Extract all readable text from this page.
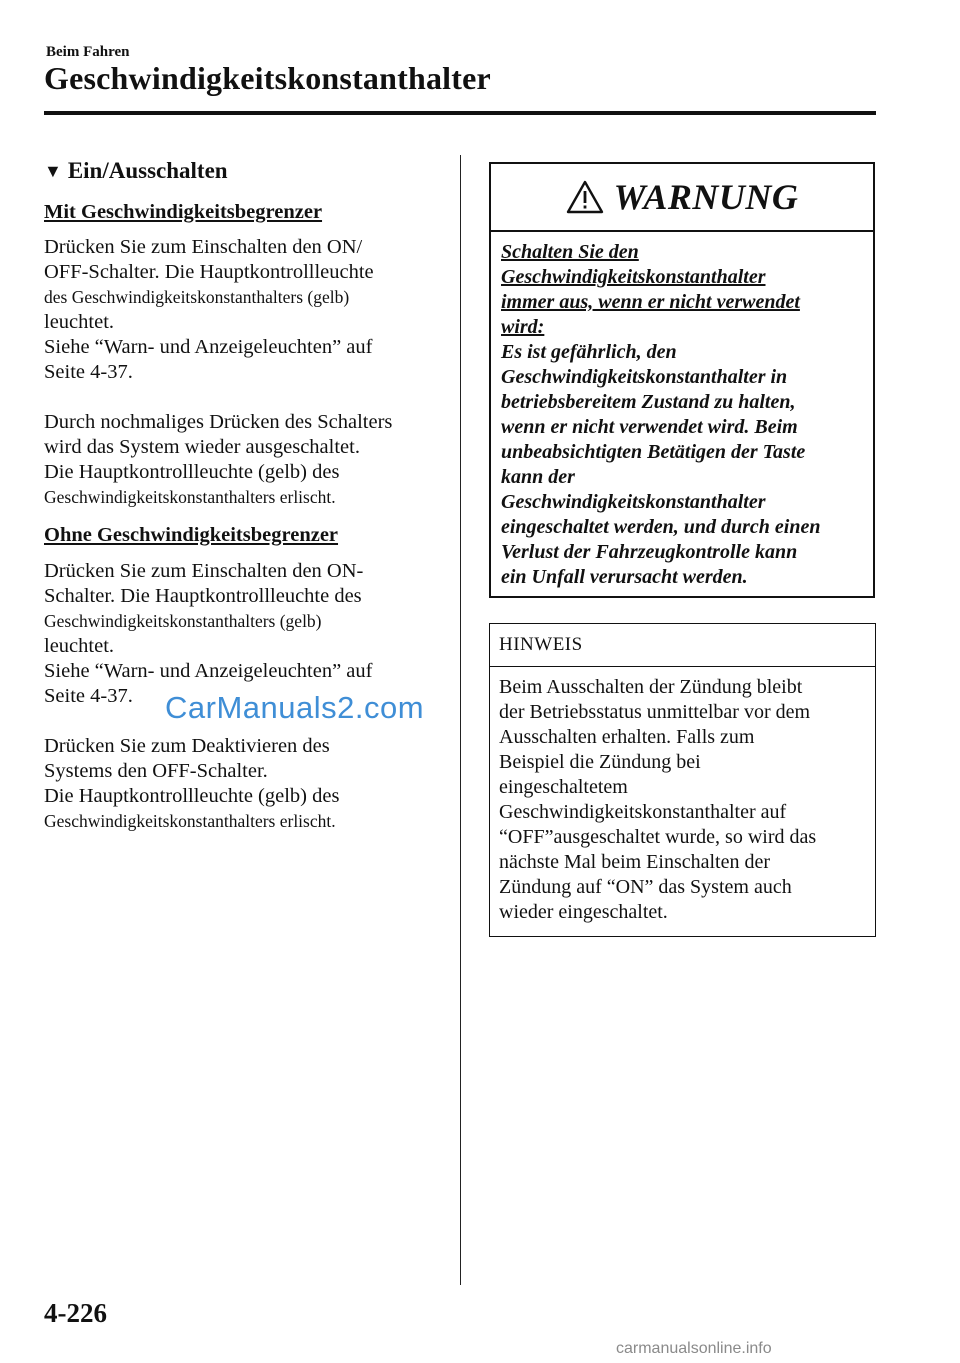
Beim Fahren
Geschwindigkeitskonstanthalter
▼ Ein/Ausschalten
Mit Geschwindigkeitsbegrenzer

Drücken Sie zum Einschalten den ON/

OFF-Schalter. Die Hauptkontrollleuchte

des Geschwindigkeitskonstanthalters (gelb)

leuchtet.

Siehe “Warn- und Anzeigeleuchten” auf

Seite 4-37.

Durch nochmaliges Drücken des Schalters

wird das System wieder ausgeschaltet.

Die Hauptkontrollleuchte (gelb) des

Geschwindigkeitskonstanthalters erlischt.

Ohne Geschwindigkeitsbegrenzer

Drücken Sie zum Einschalten den ON-

Schalter. Die Hauptkontrollleuchte des

Geschwindigkeitskonstanthalters (gelb)

leuchtet.

Siehe “Warn- und Anzeigeleuchten” auf

Seite 4-37.

Drücken Sie zum Deaktivieren des

Systems den OFF-Schalter.

Die Hauptkontrollleuchte (gelb) des

Geschwindigkeitskonstanthalters erlischt.

CarManuals2.com
WARNUNG
Schalten Sie den
Geschwindigkeitskonstanthalter
immer aus, wenn er nicht verwendet
wird:
Es ist gefährlich, den
Geschwindigkeitskonstanthalter in
betriebsbereitem Zustand zu halten,
wenn er nicht verwendet wird. Beim
unbeabsichtigten Betätigen der Taste
kann der
Geschwindigkeitskonstanthalter
eingeschaltet werden, und durch einen
Verlust der Fahrzeugkontrolle kann
ein Unfall verursacht werden.
HINWEIS
Beim Ausschalten der Zündung bleibt
der Betriebsstatus unmittelbar vor dem
Ausschalten erhalten. Falls zum
Beispiel die Zündung bei
eingeschaltetem
Geschwindigkeitskonstanthalter auf
“OFF”ausgeschaltet wurde, so wird das
nächste Mal beim Einschalten der
Zündung auf “ON” das System auch
wieder eingeschaltet.
4-226
carmanualsonline.info
